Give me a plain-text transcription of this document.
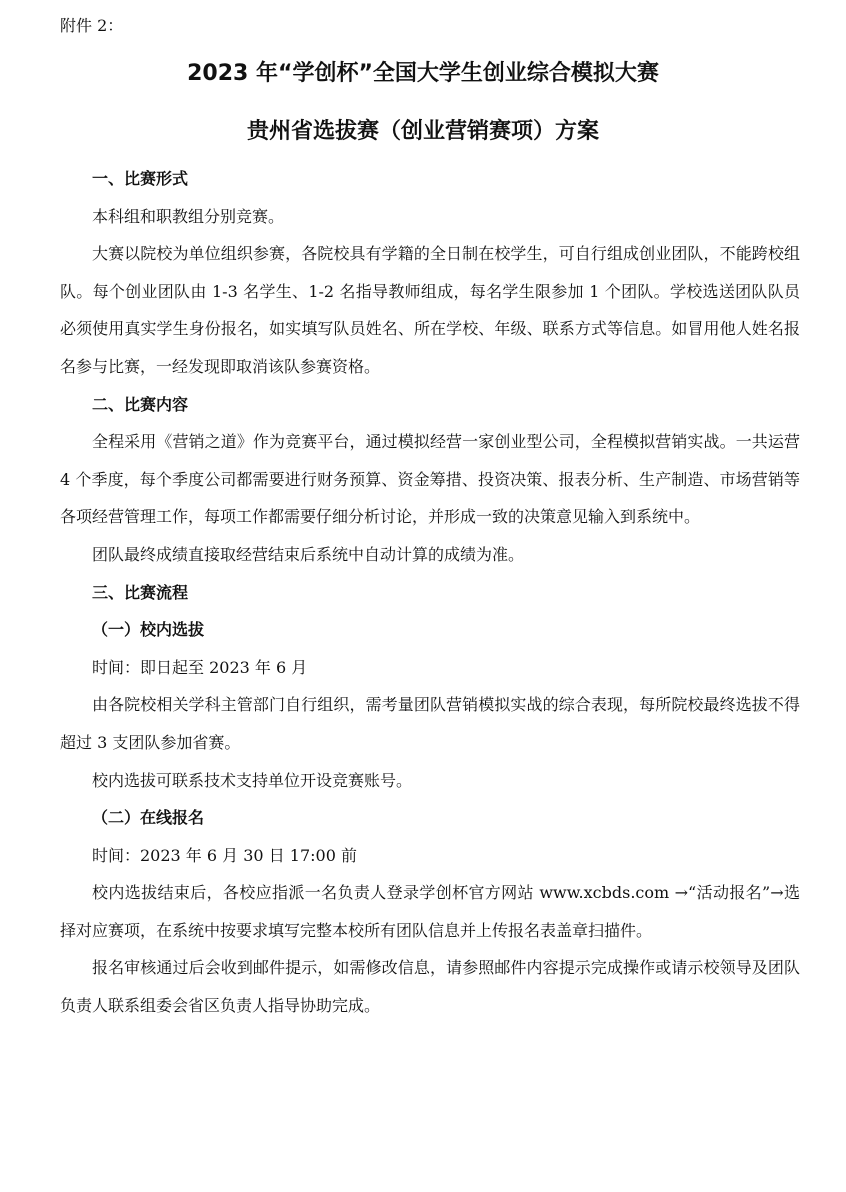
附件 2：
2023 年“学创杯”全国大学生创业综合模拟大赛
贵州省选拔赛（创业营销赛项）方案
一、比赛形式

本科组和职教组分别竞赛。

大赛以院校为单位组织参赛，各院校具有学籍的全日制在校学生，可自行组成创业团队，不能跨校组队。每个创业团队由 1-3 名学生、1-2 名指导教师组成，每名学生限参加 1 个团队。学校选送团队队员必须使用真实学生身份报名，如实填写队员姓名、所在学校、年级、联系方式等信息。如冒用他人姓名报名参与比赛，一经发现即取消该队参赛资格。

二、比赛内容

全程采用《营销之道》作为竞赛平台，通过模拟经营一家创业型公司，全程模拟营销实战。一共运营 4 个季度，每个季度公司都需要进行财务预算、资金筹措、投资决策、报表分析、生产制造、市场营销等各项经营管理工作，每项工作都需要仔细分析讨论，并形成一致的决策意见输入到系统中。

团队最终成绩直接取经营结束后系统中自动计算的成绩为准。

三、比赛流程
（一）校内选拔

时间：即日起至 2023 年 6 月

由各院校相关学科主管部门自行组织，需考量团队营销模拟实战的综合表现，每所院校最终选拔不得超过 3 支团队参加省赛。

校内选拔可联系技术支持单位开设竞赛账号。

（二）在线报名

时间：2023 年 6 月 30 日 17:00 前

校内选拔结束后，各校应指派一名负责人登录学创杯官方网站 www.xcbds.com →“活动报名”→选择对应赛项，在系统中按要求填写完整本校所有团队信息并上传报名表盖章扫描件。

报名审核通过后会收到邮件提示，如需修改信息，请参照邮件内容提示完成操作或请示校领导及团队负责人联系组委会省区负责人指导协助完成。
